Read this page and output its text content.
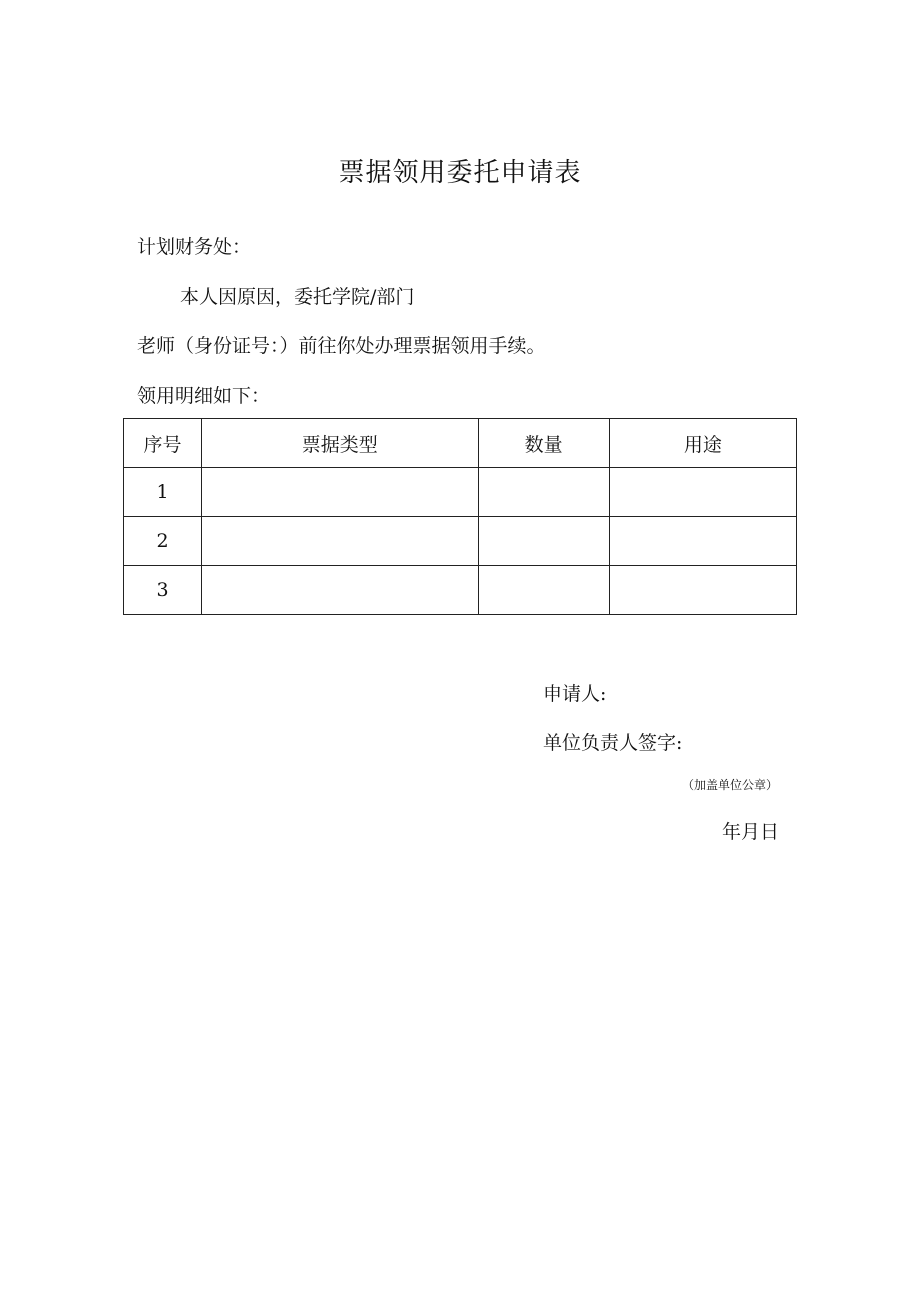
票据领用委托申请表
计划财务处：
本人因原因，委托学院/部门
老师（身份证号：）前往你处办理票据领用手续。
领用明细如下：
序号	票据类型	数量	用途
1			
2			
3			
申请人:
单位负责人签字:
（加盖单位公章）
年月日
